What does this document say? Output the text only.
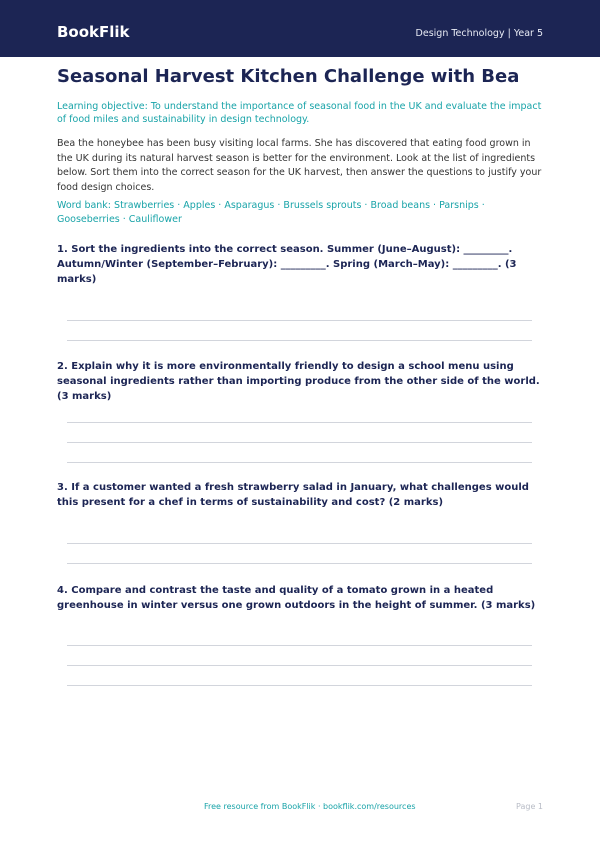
BookFlik	Design Technology | Year 5
Seasonal Harvest Kitchen Challenge with Bea
Learning objective: To understand the importance of seasonal food in the UK and evaluate the impact of food miles and sustainability in design technology.
Bea the honeybee has been busy visiting local farms. She has discovered that eating food grown in the UK during its natural harvest season is better for the environment. Look at the list of ingredients below. Sort them into the correct season for the UK harvest, then answer the questions to justify your food design choices.
Word bank: Strawberries · Apples · Asparagus · Brussels sprouts · Broad beans · Parsnips · Gooseberries · Cauliflower
1. Sort the ingredients into the correct season. Summer (June–August): _________. Autumn/Winter (September–February): _________. Spring (March–May): _________. (3 marks)
2. Explain why it is more environmentally friendly to design a school menu using seasonal ingredients rather than importing produce from the other side of the world. (3 marks)
3. If a customer wanted a fresh strawberry salad in January, what challenges would this present for a chef in terms of sustainability and cost? (2 marks)
4. Compare and contrast the taste and quality of a tomato grown in a heated greenhouse in winter versus one grown outdoors in the height of summer. (3 marks)
Free resource from BookFlik · bookflik.com/resources	Page 1
